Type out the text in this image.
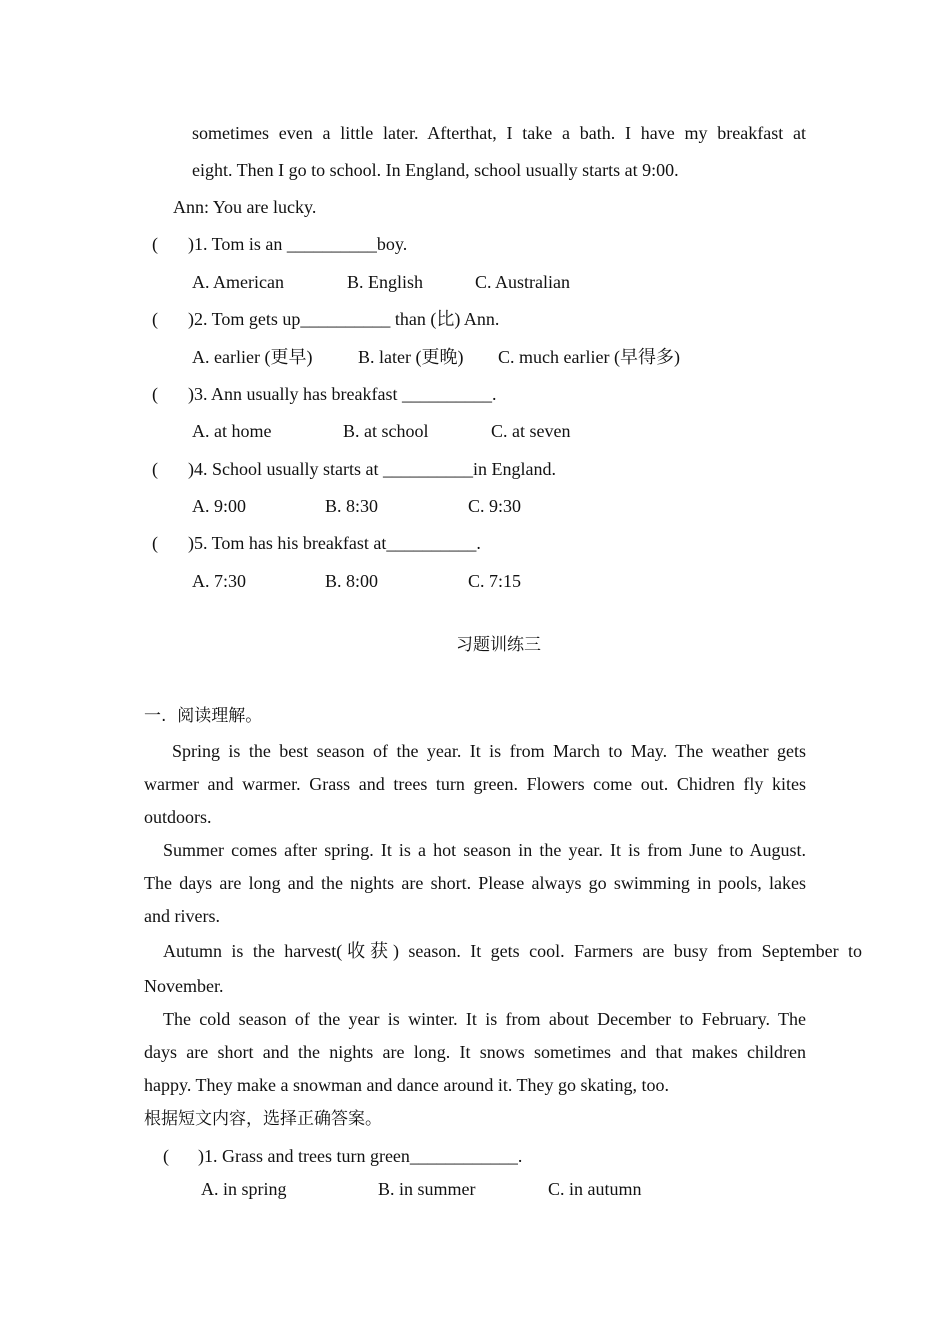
sometimes even a little later. Afterthat, I take a bath. I have my breakfast at
eight. Then I go to school. In England, school usually starts at 9:00.
Ann: You are lucky.
( )1. Tom is an __________boy.
A. American	B. English	C. Australian
( )2. Tom gets up__________ than (比) Ann.
A. earlier (更早)	B. later (更晚) C. much earlier (早得多)
( )3. Ann usually has breakfast __________.
A. at home	B. at school	C. at seven
( )4. School usually starts at __________in England.
A. 9:00	B. 8:30	C. 9:30
( )5. Tom has his breakfast at__________.
A. 7:30	B. 8:00	C. 7:15
习题训练三
一.  阅读理解。
Spring is the best season of the year. It is from March to May. The weather gets
warmer and warmer. Grass and trees turn green. Flowers come out. Chidren fly kites
outdoors.
Summer comes after spring. It is a hot season in the year. It is from June to August.
The days are long and the nights are short. Please always go swimming in pools, lakes
and rivers.
Autumn is the harvest(收获) season. It gets cool. Farmers are busy from September to
November.
The cold season of the year is winter. It is from about December to February. The
days are short and the nights are long. It snows sometimes and that makes children
happy. They make a snowman and dance around it. They go skating, too.
根据短文内容，选择正确答案。
( )1. Grass and trees turn green____________.
A. in spring	B. in summer	C. in autumn
